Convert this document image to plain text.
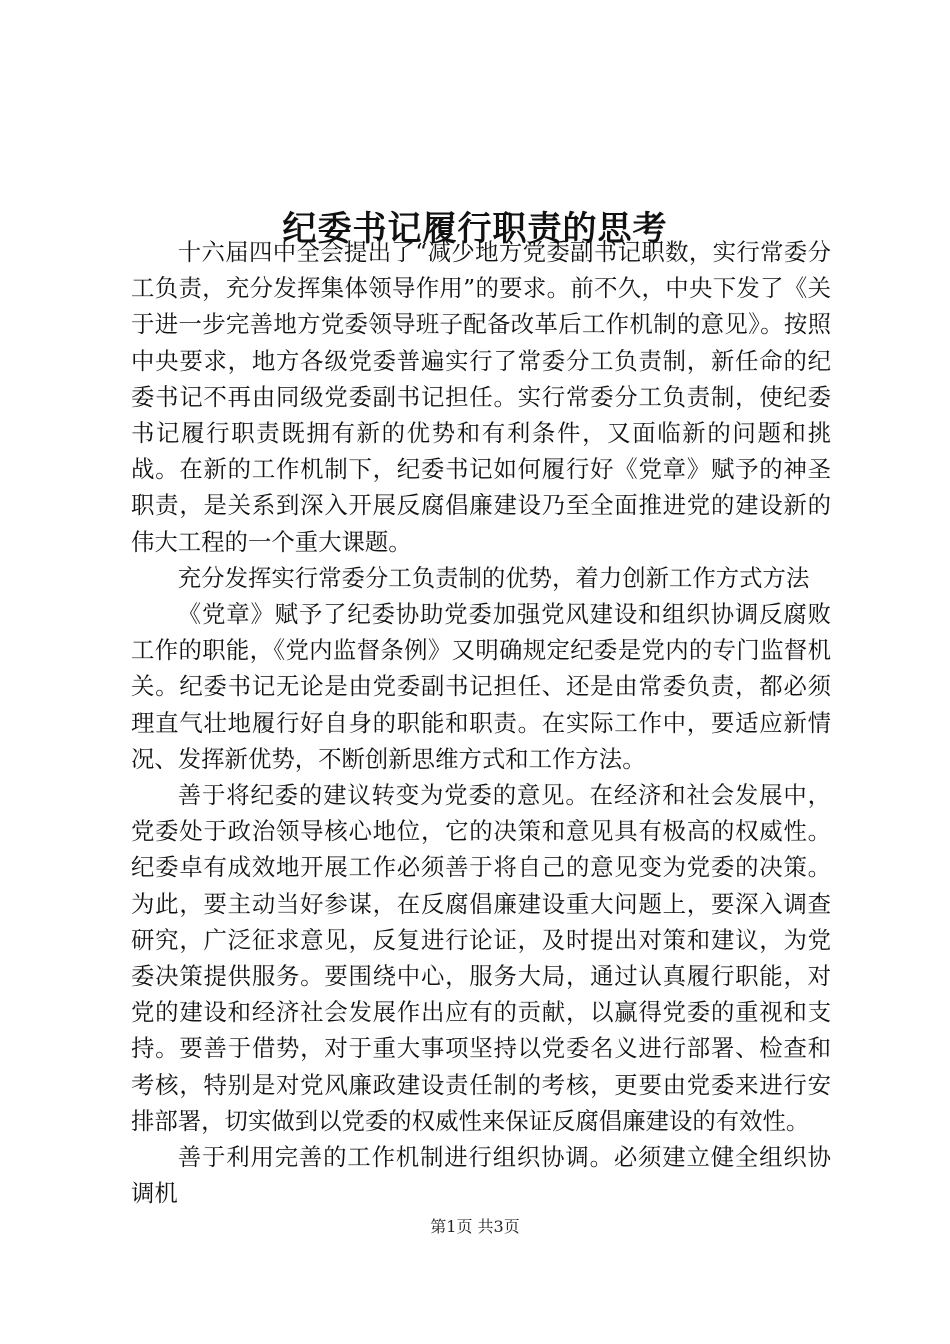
纪委书记履行职责的思考

十六届四中全会提出了“减少地方党委副书记职数，实行常委分工负责，充分发挥集体领导作用”的要求。前不久，中央下发了《关于进一步完善地方党委领导班子配备改革后工作机制的意见》。按照中央要求，地方各级党委普遍实行了常委分工负责制，新任命的纪委书记不再由同级党委副书记担任。实行常委分工负责制，使纪委书记履行职责既拥有新的优势和有利条件，又面临新的问题和挑战。在新的工作机制下，纪委书记如何履行好《党章》赋予的神圣职责，是关系到深入开展反腐倡廉建设乃至全面推进党的建设新的伟大工程的一个重大课题。

充分发挥实行常委分工负责制的优势，着力创新工作方式方法

《党章》赋予了纪委协助党委加强党风建设和组织协调反腐败工作的职能，《党内监督条例》又明确规定纪委是党内的专门监督机关。纪委书记无论是由党委副书记担任、还是由常委负责，都必须理直气壮地履行好自身的职能和职责。在实际工作中，要适应新情况、发挥新优势，不断创新思维方式和工作方法。

善于将纪委的建议转变为党委的意见。在经济和社会发展中，党委处于政治领导核心地位，它的决策和意见具有极高的权威性。纪委卓有成效地开展工作必须善于将自己的意见变为党委的决策。为此，要主动当好参谋，在反腐倡廉建设重大问题上，要深入调查研究，广泛征求意见，反复进行论证，及时提出对策和建议，为党委决策提供服务。要围绕中心，服务大局，通过认真履行职能，对党的建设和经济社会发展作出应有的贡献，以赢得党委的重视和支持。要善于借势，对于重大事项坚持以党委名义进行部署、检查和考核，特别是对党风廉政建设责任制的考核，更要由党委来进行安排部署，切实做到以党委的权威性来保证反腐倡廉建设的有效性。

善于利用完善的工作机制进行组织协调。必须建立健全组织协调机

第1页 共3页
